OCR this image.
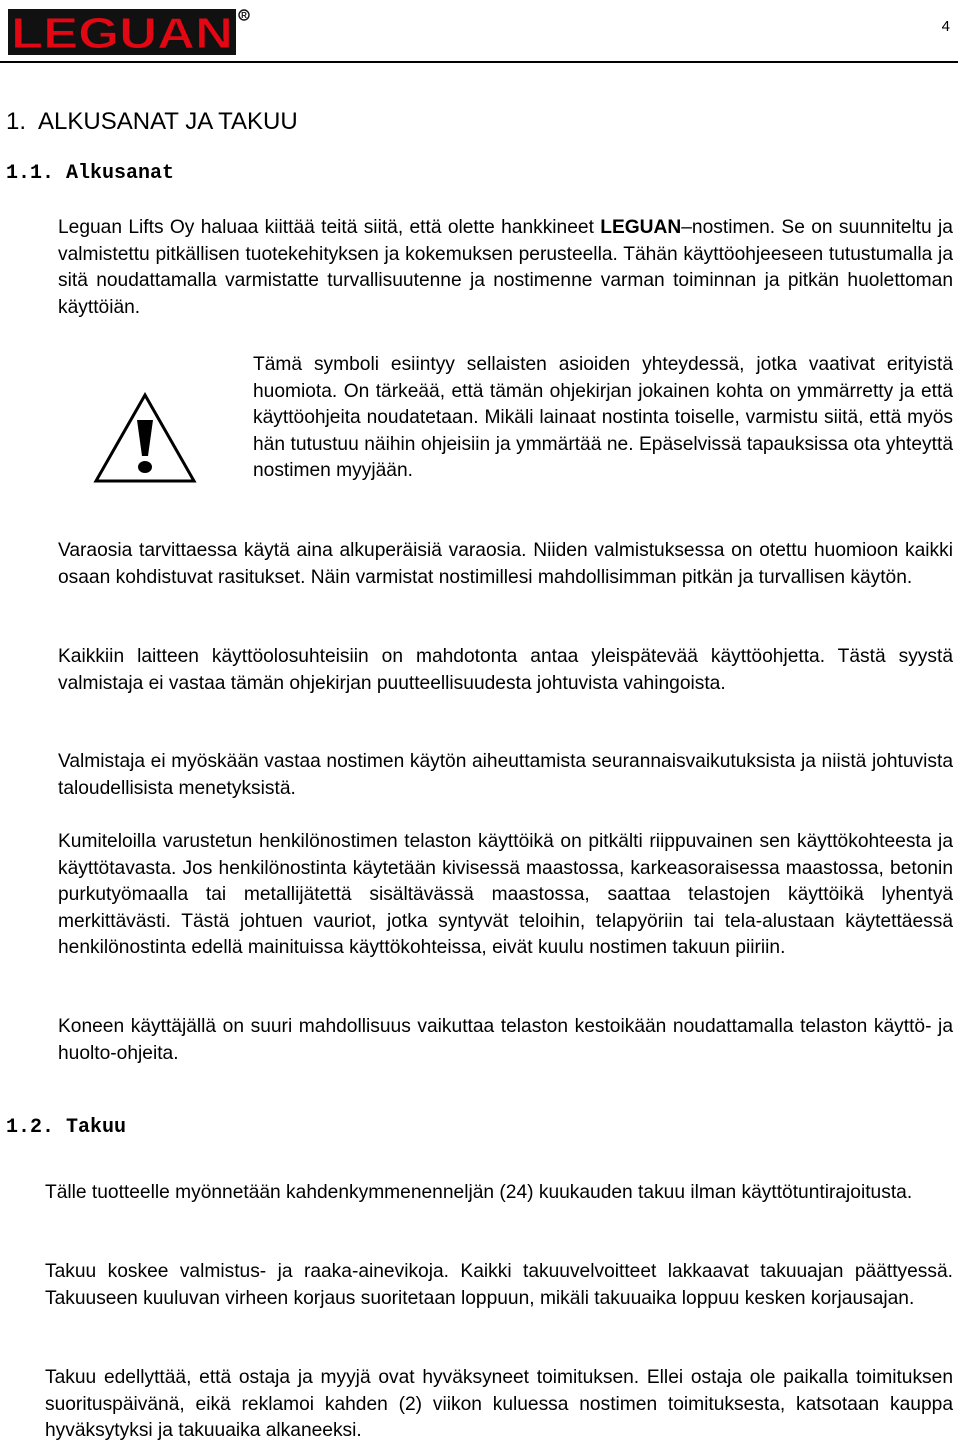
LEGUAN R
4
1.  ALKUSANAT JA TAKUU
1.1. Alkusanat

Leguan Lifts Oy haluaa kiittää teitä siitä, että olette hankkineet LEGUAN–nostimen. Se on suunniteltu ja valmistettu pitkällisen tuotekehityksen ja kokemuksen perusteella. Tähän käyttöohjeeseen tutustumalla ja sitä noudattamalla varmistatte turvallisuutenne ja nostimenne varman toiminnan ja pitkän huolettoman käyttöiän.

Tämä symboli esiintyy sellaisten asioiden yhteydessä, jotka vaativat erityistä huomiota. On tärkeää, että tämän ohjekirjan jokainen kohta on ymmärretty ja että käyttöohjeita noudatetaan. Mikäli lainaat nostinta toiselle, varmistu siitä, että myös hän tutustuu näihin ohjeisiin ja ymmärtää ne. Epäselvissä tapauksissa ota yhteyttä nostimen myyjään.

Varaosia tarvittaessa käytä aina alkuperäisiä varaosia. Niiden valmistuksessa on otettu huomioon kaikki osaan kohdistuvat rasitukset. Näin varmistat nostimillesi mahdollisimman pitkän ja turvallisen käytön.

Kaikkiin laitteen käyttöolosuhteisiin on mahdotonta antaa yleispätevää käyttöohjetta. Tästä syystä valmistaja ei vastaa tämän ohjekirjan puutteellisuudesta johtuvista vahingoista.

Valmistaja ei myöskään vastaa nostimen käytön aiheuttamista seurannaisvaikutuksista ja niistä johtuvista taloudellisista menetyksistä.

Kumiteloilla varustetun henkilönostimen telaston käyttöikä on pitkälti riippuvainen sen käyttökohteesta ja käyttötavasta. Jos henkilönostinta käytetään kivisessä maastossa, karkeasoraisessa maastossa, betonin purkutyömaalla tai metallijätettä sisältävässä maastossa, saattaa telastojen käyttöikä lyhentyä merkittävästi. Tästä johtuen vauriot, jotka syntyvät teloihin, telapyöriin tai tela-alustaan käytettäessä henkilönostinta edellä mainituissa käyttökohteissa, eivät kuulu nostimen takuun piiriin.

Koneen käyttäjällä on suuri mahdollisuus vaikuttaa telaston kestoikään noudattamalla telaston käyttö- ja huolto-ohjeita.

1.2. Takuu

Tälle tuotteelle myönnetään kahdenkymmenenneljän (24) kuukauden takuu ilman käyttötuntirajoitusta.

Takuu koskee valmistus- ja raaka-ainevikoja. Kaikki takuuvelvoitteet lakkaavat takuuajan päättyessä. Takuuseen kuuluvan virheen korjaus suoritetaan loppuun, mikäli takuuaika loppuu kesken korjausajan.

Takuu edellyttää, että ostaja ja myyjä ovat hyväksyneet toimituksen. Ellei ostaja ole paikalla toimituksen suorituspäivänä, eikä reklamoi kahden (2) viikon kuluessa nostimen toimituksesta, katsotaan kauppa hyväksytyksi ja takuuaika alkaneeksi.
